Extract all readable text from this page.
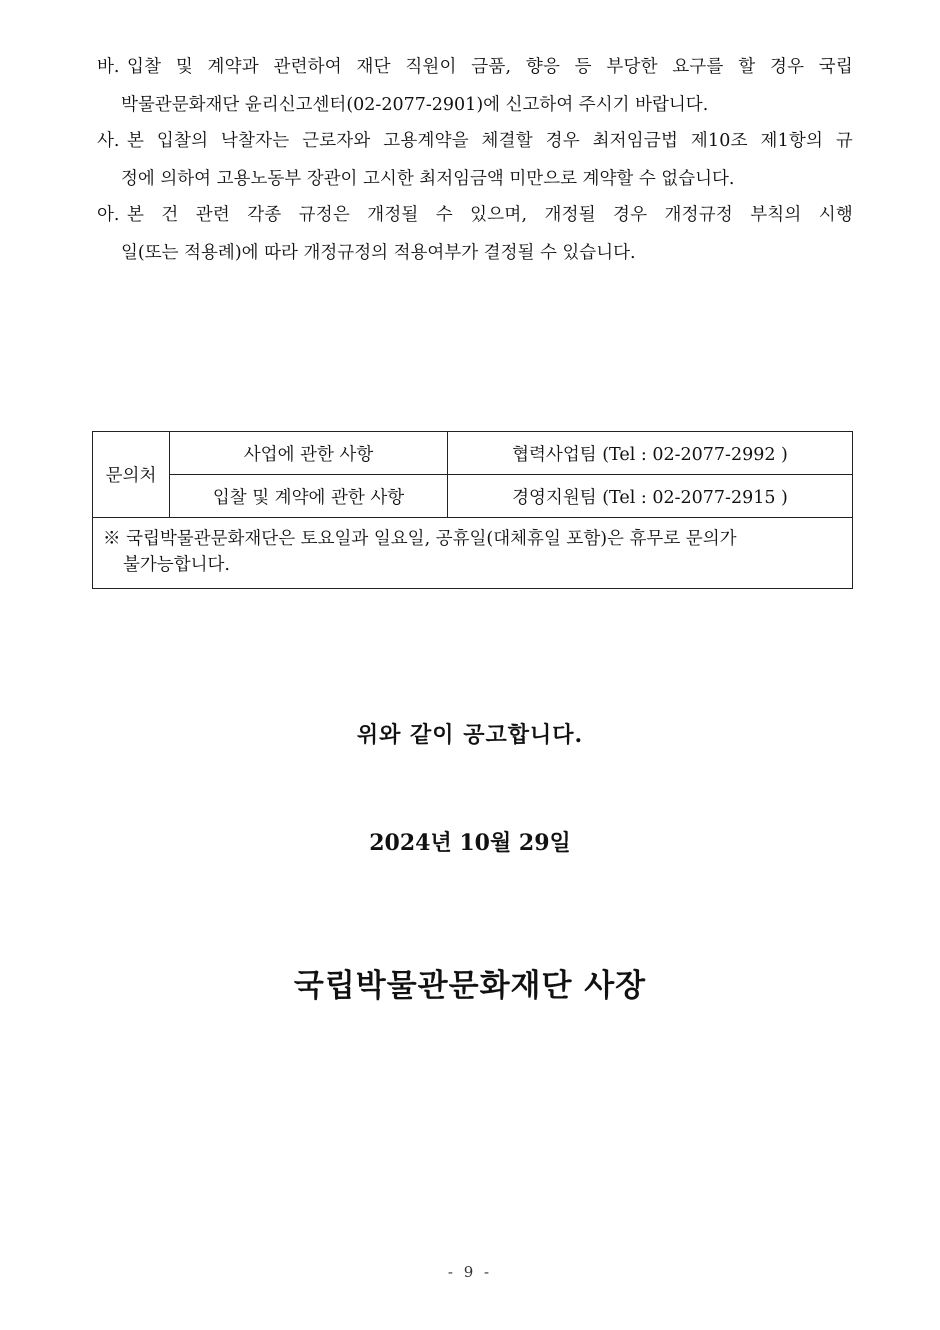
바. 입찰 및 계약과 관련하여 재단 직원이 금품, 향응 등 부당한 요구를 할 경우 국립
박물관문화재단 윤리신고센터(02-2077-2901)에 신고하여 주시기 바랍니다.
사. 본 입찰의 낙찰자는 근로자와 고용계약을 체결할 경우 최저임금법 제10조 제1항의 규
정에 의하여 고용노동부 장관이 고시한 최저임금액 미만으로 계약할 수 없습니다.
아. 본 건 관련 각종 규정은 개정될 수 있으며, 개정될 경우 개정규정 부칙의 시행
일(또는 적용례)에 따라 개정규정의 적용여부가 결정될 수 있습니다.
문의처	사업에 관한 사항	협력사업팀 (Tel : 02-2077-2992 )
	입찰 및 계약에 관한 사항	경영지원팀 (Tel : 02-2077-2915 )

※ 국립박물관문화재단은 토요일과 일요일, 공휴일(대체휴일 포함)은 휴무로 문의가
불가능합니다.		
위와 같이 공고합니다.
2024년 10월 29일
국립박물관문화재단 사장
- 9 -
